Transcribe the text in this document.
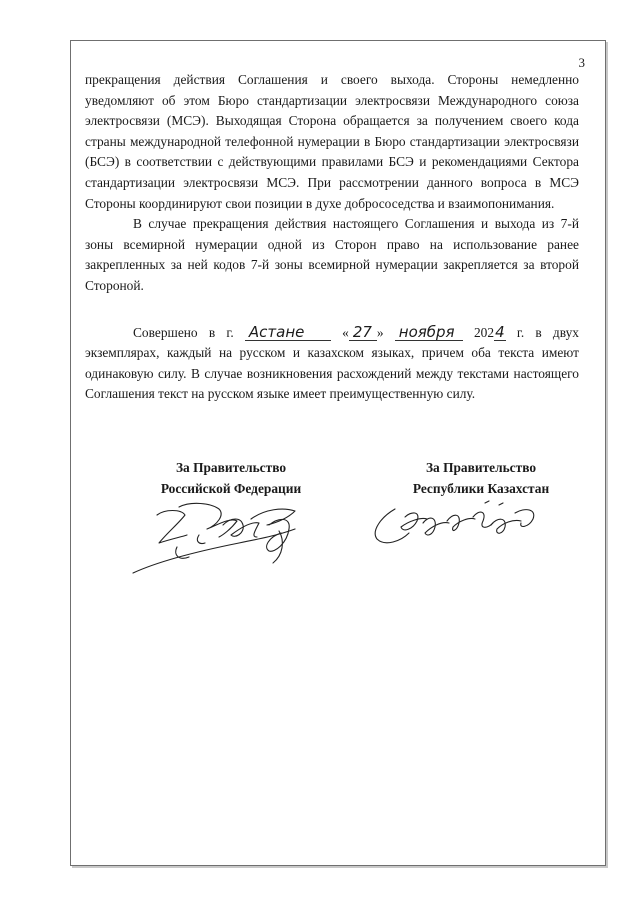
3

прекращения действия Соглашения и своего выхода. Стороны немедленно уведомляют об этом Бюро стандартизации электросвязи Международного союза электросвязи (МСЭ). Выходящая Сторона обращается за получением своего кода страны международной телефонной нумерации в Бюро стандартизации электросвязи (БСЭ) в соответствии с действующими правилами БСЭ и рекомендациями Сектора стандартизации электросвязи МСЭ. При рассмотрении данного вопроса в МСЭ Стороны координируют свои позиции в духе добрососедства и взаимопонимания.

В случае прекращения действия настоящего Соглашения и выхода из 7-й зоны всемирной нумерации одной из Сторон право на использование ранее закрепленных за ней кодов 7-й зоны всемирной нумерации закрепляется за второй Стороной.

Совершено в г. Астане	« 27 » ноября 2024 г. в двух экземплярах, каждый на русском и казахском языках, причем оба текста имеют одинаковую силу. В случае возникновения расхождений между текстами настоящего Соглашения текст на русском языке имеет преимущественную силу.

За Правительство
Российской Федерации
За Правительство
Республики Казахстан
